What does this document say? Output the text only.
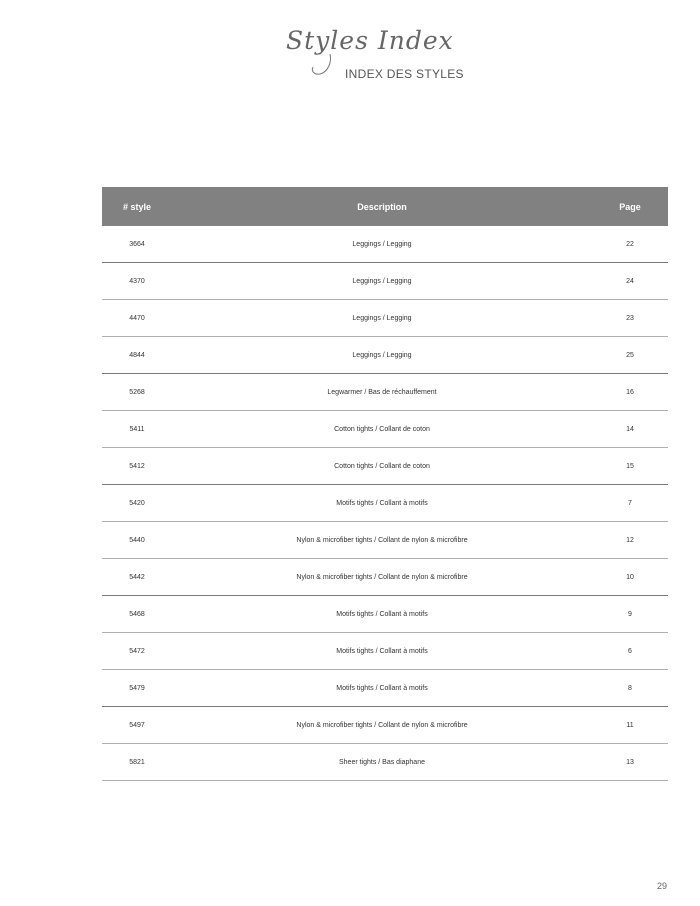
Styles Index
INDEX DES STYLES
# style	Description	Page
3664	Leggings / Legging	22
4370	Leggings / Legging	24
4470	Leggings / Legging	23
4844	Leggings / Legging	25
5268	Legwarmer / Bas de réchauffement	16
5411	Cotton tights / Collant de coton	14
5412	Cotton tights / Collant de coton	15
5420	Motifs tights / Collant à motifs	7
5440	Nylon & microfiber tights / Collant de nylon & microfibre	12
5442	Nylon & microfiber tights / Collant de nylon & microfibre	10
5468	Motifs tights / Collant à motifs	9
5472	Motifs tights / Collant à motifs	6
5479	Motifs tights / Collant à motifs	8
5497	Nylon & microfiber tights / Collant de nylon & microfibre	11
5821	Sheer tights / Bas diaphane	13
29
